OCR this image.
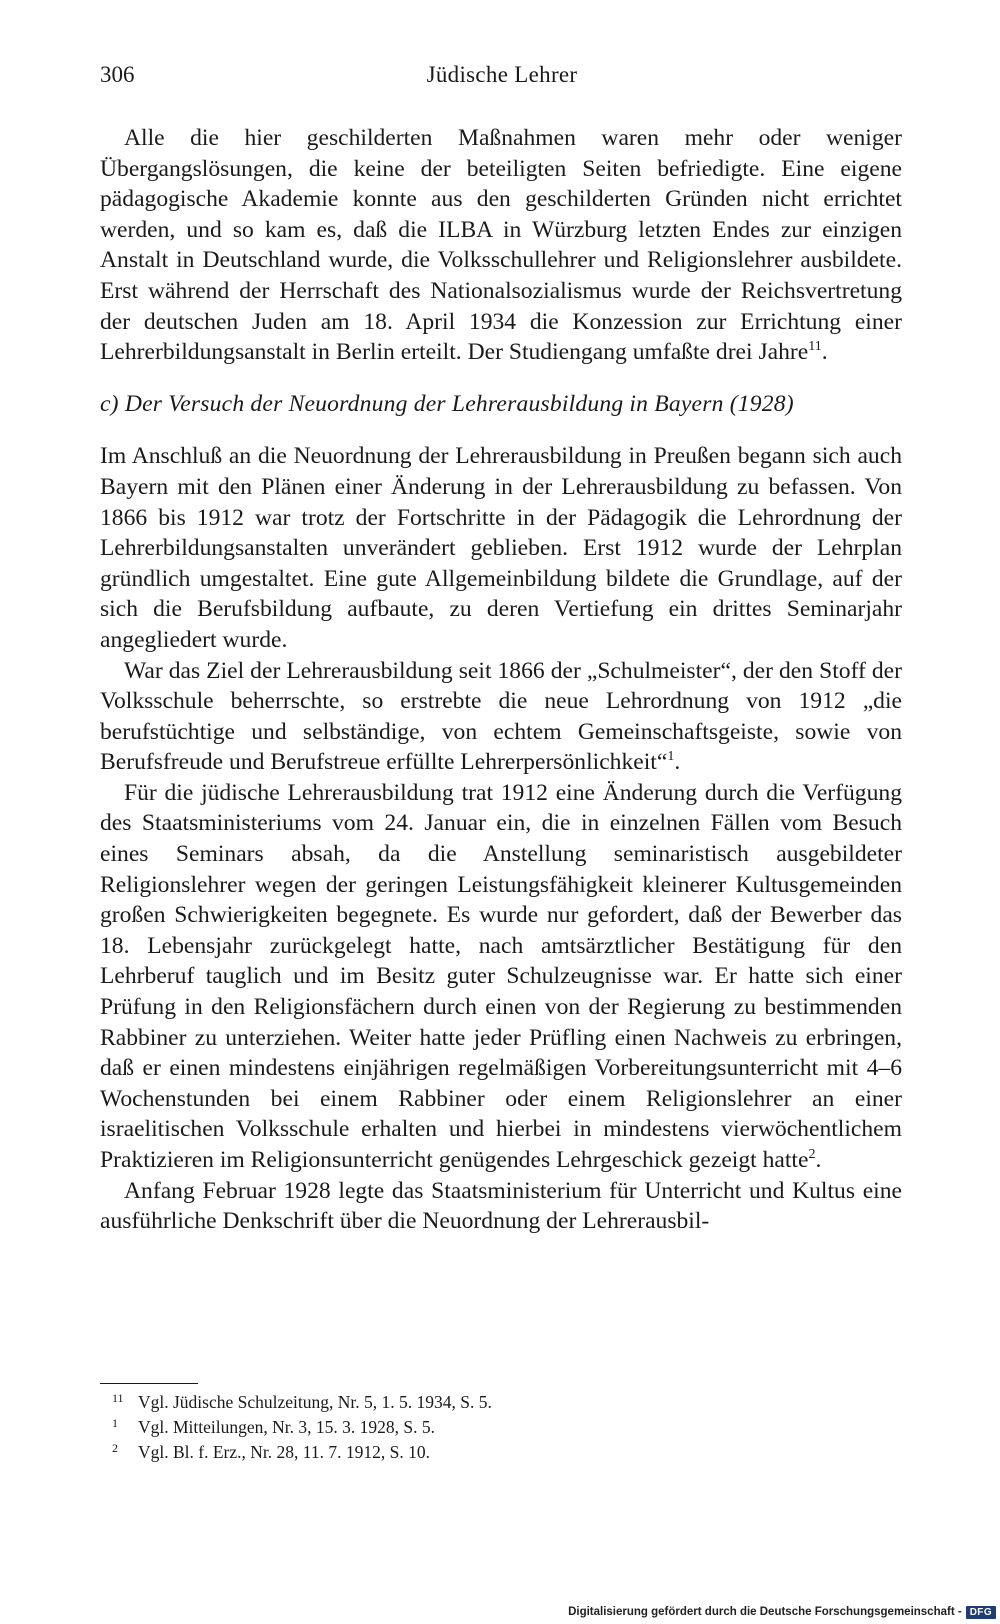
306	Jüdische Lehrer

Alle die hier geschilderten Maßnahmen waren mehr oder weniger Übergangslösungen, die keine der beteiligten Seiten befriedigte. Eine eigene pädagogische Akademie konnte aus den geschilderten Gründen nicht errichtet werden, und so kam es, daß die ILBA in Würzburg letzten Endes zur einzigen Anstalt in Deutschland wurde, die Volksschullehrer und Religionslehrer ausbildete. Erst während der Herrschaft des Nationalsozialismus wurde der Reichsvertretung der deutschen Juden am 18. April 1934 die Konzession zur Errichtung einer Lehrerbildungsanstalt in Berlin erteilt. Der Studiengang umfaßte drei Jahre$^{11}$.

c) Der Versuch der Neuordnung der Lehrerausbildung in Bayern (1928)

Im Anschluß an die Neuordnung der Lehrerausbildung in Preußen begann sich auch Bayern mit den Plänen einer Änderung in der Lehrerausbildung zu befassen. Von 1866 bis 1912 war trotz der Fortschritte in der Pädagogik die Lehrordnung der Lehrerbildungsanstalten unverändert geblieben. Erst 1912 wurde der Lehrplan gründlich umgestaltet. Eine gute Allgemeinbildung bildete die Grundlage, auf der sich die Berufsbildung aufbaute, zu deren Vertiefung ein drittes Seminarjahr angegliedert wurde.

War das Ziel der Lehrerausbildung seit 1866 der „Schulmeister“, der den Stoff der Volksschule beherrschte, so erstrebte die neue Lehrordnung von 1912 „die berufstüchtige und selbständige, von echtem Gemeinschaftsgeiste, sowie von Berufsfreude und Berufstreue erfüllte Lehrerpersönlichkeit“$^1$.

Für die jüdische Lehrerausbildung trat 1912 eine Änderung durch die Verfügung des Staatsministeriums vom 24. Januar ein, die in einzelnen Fällen vom Besuch eines Seminars absah, da die Anstellung seminaristisch ausgebildeter Religionslehrer wegen der geringen Leistungsfähigkeit kleinerer Kultusgemeinden großen Schwierigkeiten begegnete. Es wurde nur gefordert, daß der Bewerber das 18. Lebensjahr zurückgelegt hatte, nach amtsärztlicher Bestätigung für den Lehrberuf tauglich und im Besitz guter Schulzeugnisse war. Er hatte sich einer Prüfung in den Religionsfächern durch einen von der Regierung zu bestimmenden Rabbiner zu unterziehen. Weiter hatte jeder Prüfling einen Nachweis zu erbringen, daß er einen mindestens einjährigen regelmäßigen Vorbereitungsunterricht mit 4–6 Wochenstunden bei einem Rabbiner oder einem Religionslehrer an einer israelitischen Volksschule erhalten und hierbei in mindestens vierwöchentlichem Praktizieren im Religionsunterricht genügendes Lehrgeschick gezeigt hatte$^2$.

Anfang Februar 1928 legte das Staatsministerium für Unterricht und Kultus eine ausführliche Denkschrift über die Neuordnung der Lehrerausbil-

11 Vgl. Jüdische Schulzeitung, Nr. 5, 1. 5. 1934, S. 5.
1 Vgl. Mitteilungen, Nr. 3, 15. 3. 1928, S. 5.
2 Vgl. Bl. f. Erz., Nr. 28, 11. 7. 1912, S. 10.
Digitalisierung gefördert durch die Deutsche Forschungsgemeinschaft - DFG
